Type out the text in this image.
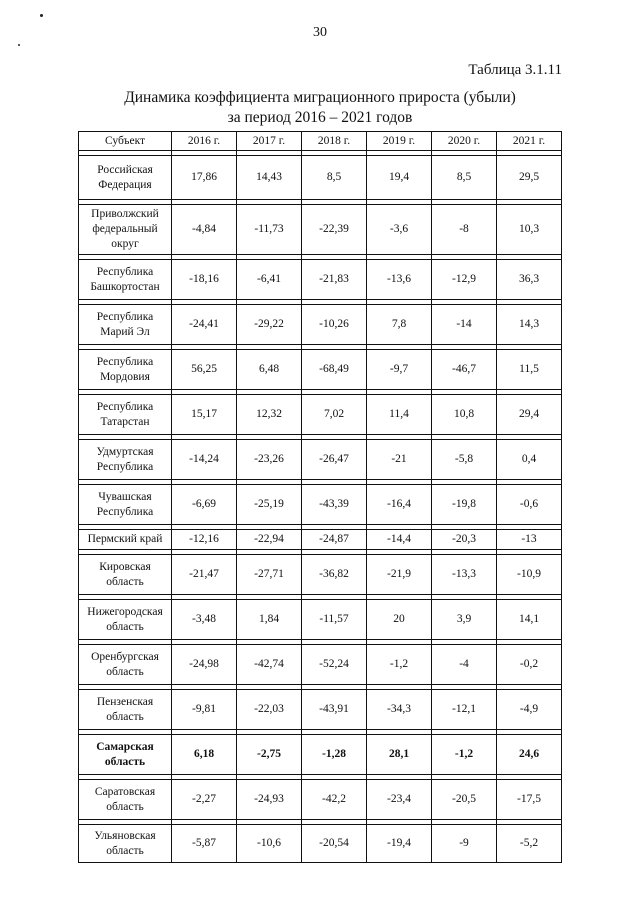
30
Таблица 3.1.11
Динамика коэффициента миграционного прироста (убыли)
за период 2016 – 2021 годов
Субъект	2016 г.	2017 г.	2018 г.	2019 г.	2020 г.	2021 г.

Российская
Федерация	17,86	14,43	8,5	19,4	8,5	29,5

Приволжский
федеральный
округ	-4,84	-11,73	-22,39	-3,6	-8	10,3

Республика
Башкортостан	-18,16	-6,41	-21,83	-13,6	-12,9	36,3

Республика
Марий Эл	-24,41	-29,22	-10,26	7,8	-14	14,3

Республика
Мордовия	56,25	6,48	-68,49	-9,7	-46,7	11,5

Республика
Татарстан	15,17	12,32	7,02	11,4	10,8	29,4

Удмуртская
Республика	-14,24	-23,26	-26,47	-21	-5,8	0,4

Чувашская
Республика	-6,69	-25,19	-43,39	-16,4	-19,8	-0,6

Пермский край	-12,16	-22,94	-24,87	-14,4	-20,3	-13

Кировская
область	-21,47	-27,71	-36,82	-21,9	-13,3	-10,9

Нижегородская
область	-3,48	1,84	-11,57	20	3,9	14,1

Оренбургская
область	-24,98	-42,74	-52,24	-1,2	-4	-0,2

Пензенская
область	-9,81	-22,03	-43,91	-34,3	-12,1	-4,9

Самарская
область	6,18	-2,75	-1,28	28,1	-1,2	24,6

Саратовская
область	-2,27	-24,93	-42,2	-23,4	-20,5	-17,5

Ульяновская
область	-5,87	-10,6	-20,54	-19,4	-9	-5,2
